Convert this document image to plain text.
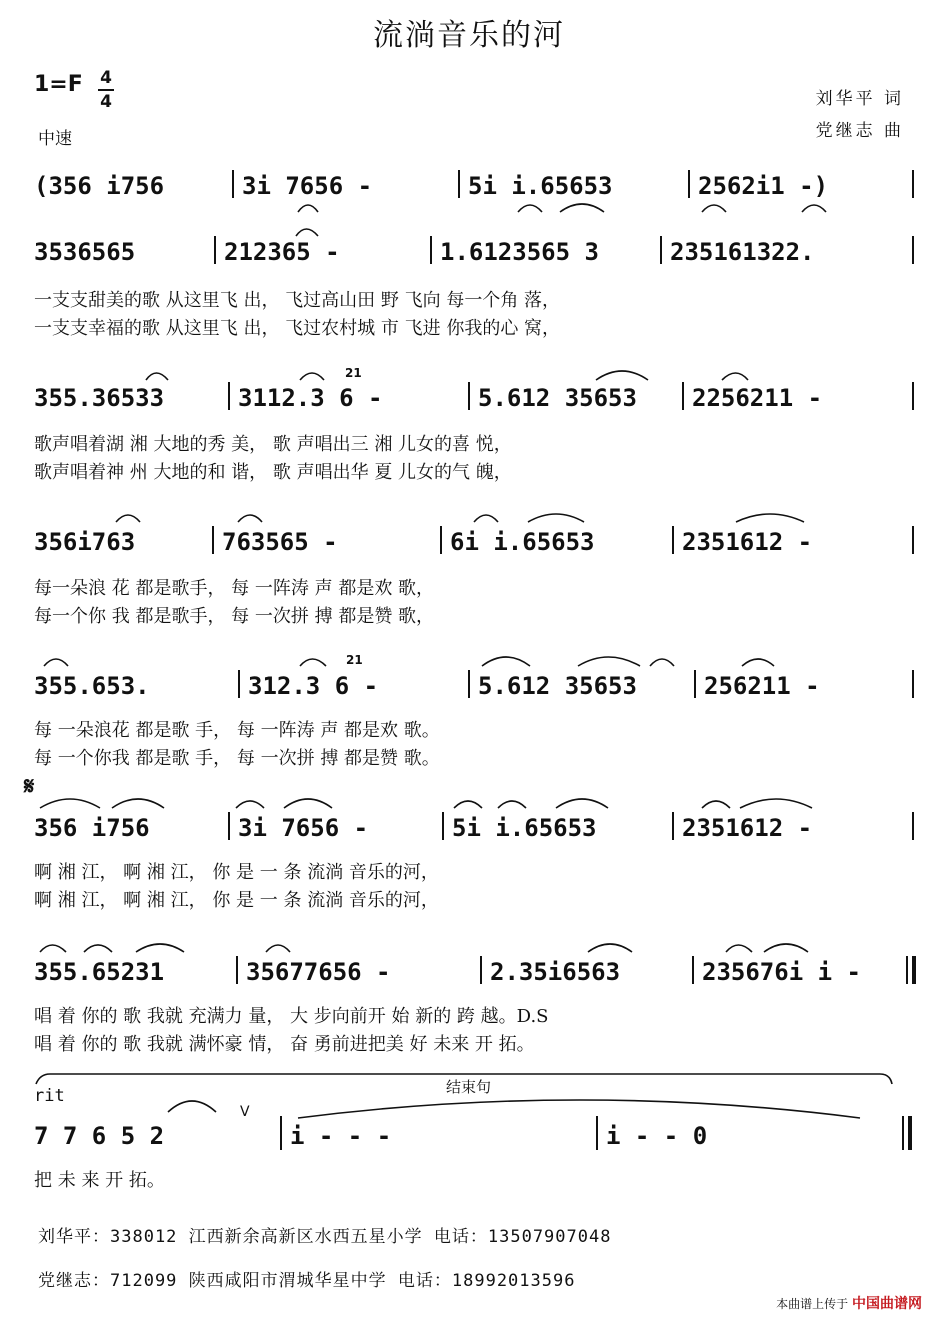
流淌音乐的河
1=F 4
4
中速
刘华平 词
党继志 曲
(356 i756	3i 7656 -	5i i.65653	2562i1 -)
3536565	212365 -	1.6123565 3	235161322.
一支支甜美的歌 从这里飞 出， 飞过高山田 野 飞向 每一个角 落，
一支支幸福的歌 从这里飞 出， 飞过农村城 市 飞进 你我的心 窝，
355.36533	3112.3 6 -	5.612 35653 2256211 -
歌声唱着湖 湘 大地的秀 美， 歌 声唱出三 湘 儿女的喜 悦，
歌声唱着神 州 大地的和 谐， 歌 声唱出华 夏 儿女的气 魄，
356i763	763565 -	6i i.65653	2351612 -
每一朵浪 花 都是歌手， 每 一阵涛 声 都是欢 歌，
每一个你 我 都是歌手， 每 一次拼 搏 都是赞 歌，
355.653.	312.3 6 -	5.612 35653	256211 -
每 一朵浪花 都是歌 手， 每 一阵涛 声 都是欢 歌。
每 一个你我 都是歌 手， 每 一次拼 搏 都是赞 歌。
𝄋
356 i756	3i 7656 -	5i i.65653	2351612 -
啊 湘 江， 啊 湘 江， 你 是 一 条 流淌 音乐的河，
啊 湘 江， 啊 湘 江， 你 是 一 条 流淌 音乐的河，
355.65231	35677656 -	2.35i6563	235676i i -
唱 着 你的 歌 我就 充满力 量， 大 步向前开 始 新的 跨 越。D.S
唱 着 你的 歌 我就 满怀豪 情， 奋 勇前进把美 好 未来 开 拓。
rit	结束句
V
21
21
7 7 6 5 2	i - - -	i - - 0
把 未 来 开 拓。
刘华平：338012 江西新余高新区水西五星小学 电话：13507907048
党继志：712099 陕西咸阳市渭城华星中学 电话：18992013596
本曲谱上传于 中国曲谱网
